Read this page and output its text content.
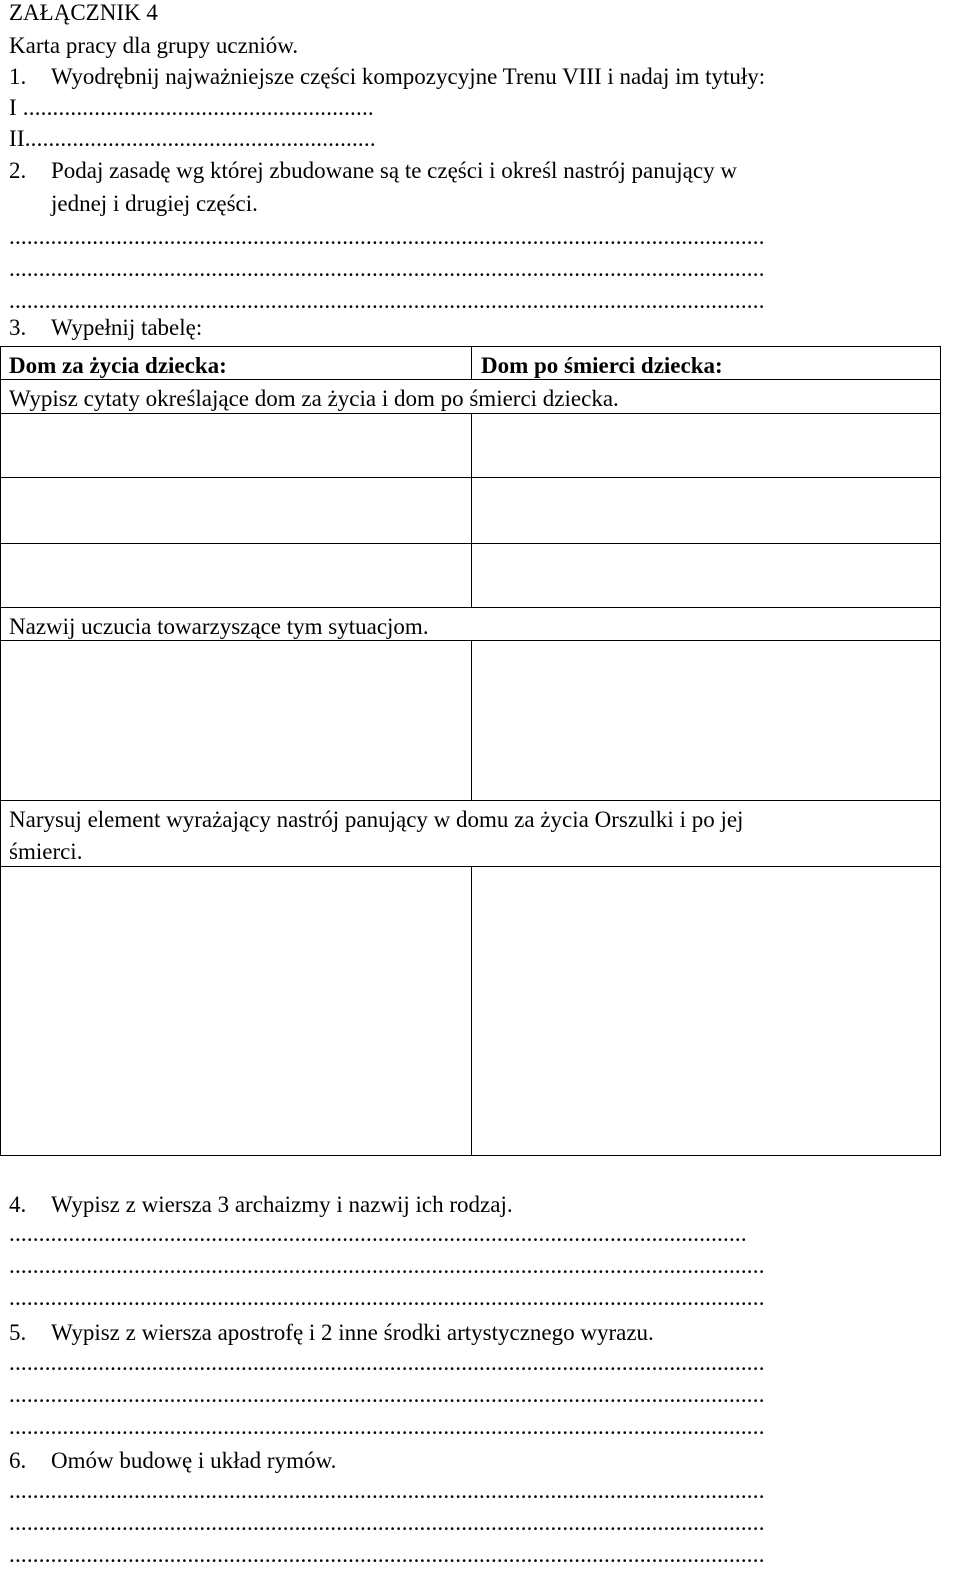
ZAŁĄCZNIK 4
Karta pracy dla grupy uczniów.
1. Wyodrębnij najważniejsze części kompozycyjne Trenu VIII i nadaj im tytuły:
I ...........................................................
II...........................................................
2. Podaj zasadę wg której zbudowane są te części i określ nastrój panujący w
jednej i drugiej części.
...............................................................................................................................
...............................................................................................................................
...............................................................................................................................
3. Wypełnij tabelę:
Dom za życia dziecka:	Dom po śmierci dziecka:
Wypisz cytaty określające dom za życia i dom po śmierci dziecka.
Nazwij uczucia towarzyszące tym sytuacjom.
Narysuj element wyrażający nastrój panujący w domu za życia Orszulki i po jej
śmierci.
4. Wypisz z wiersza 3 archaizmy i nazwij ich rodzaj.
............................................................................................................................
...............................................................................................................................
...............................................................................................................................
5. Wypisz z wiersza apostrofę i 2 inne środki artystycznego wyrazu.
...............................................................................................................................
...............................................................................................................................
...............................................................................................................................
6. Omów budowę i układ rymów.
...............................................................................................................................
...............................................................................................................................
...............................................................................................................................
